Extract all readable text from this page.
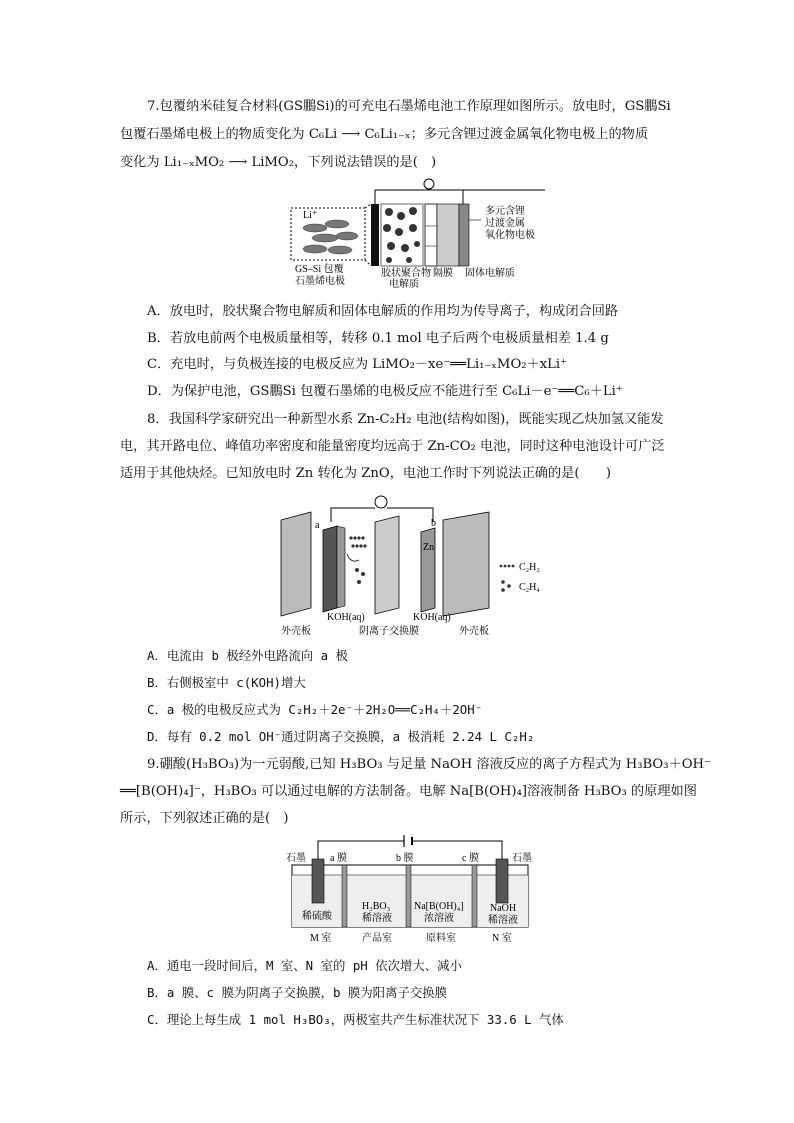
7.包覆纳米硅复合材料(GS鵬Si)的可充电石墨烯电池工作原理如图所示。放电时，GS鵬Si
包覆石墨烯电极上的物质变化为 C₆Li ⟶ C₆Li₁₋ₓ；多元含锂过渡金属氧化物电极上的物质
变化为 Li₁₋ₓMO₂ ⟶ LiMO₂，下列说法错误的是(　)
Li⁺
GS–Si 包覆
石墨烯电极
胶状聚合物
电解质
隔膜 固体电解质
多元含锂
过渡金属
氧化物电极
A．放电时，胶状聚合物电解质和固体电解质的作用均为传导离子，构成闭合回路
B．若放电前两个电极质量相等，转移 0.1 mol 电子后两个电极质量相差 1.4 g
C．充电时，与负极连接的电极反应为 LiMO₂－xe⁻══Li₁₋ₓMO₂＋xLi⁺
D．为保护电池，GS鵬Si 包覆石墨烯的电极反应不能进行至 C₆Li－e⁻══C₆＋Li⁺
8．我国科学家研究出一种新型水系 Zn-C₂H₂ 电池(结构如图)，既能实现乙炔加氢又能发
电，其开路电位、峰值功率密度和能量密度均远高于 Zn-CO₂ 电池，同时这种电池设计可广泛
适用于其他炔烃。已知放电时 Zn 转化为 ZnO，电池工作时下列说法正确的是(　　)
a	b
Zn
KOH(aq)	KOH(aq)
外壳板	阴离子交换膜	外壳板
C₂H₂
C₂H₄
A．电流由 b 极经外电路流向 a 极
B．右侧极室中 c(KOH)增大
C．a 极的电极反应式为 C₂H₂＋2e⁻＋2H₂O══C₂H₄＋2OH⁻
D．每有 0.2 mol OH⁻通过阴离子交换膜，a 极消耗 2.24 L C₂H₂
9.硼酸(H₃BO₃)为一元弱酸,已知 H₃BO₃ 与足量 NaOH 溶液反应的离子方程式为 H₃BO₃＋OH⁻
══[B(OH)₄]⁻，H₃BO₃ 可以通过电解的方法制备。电解 Na[B(OH)₄]溶液制备 H₃BO₃ 的原理如图
所示，下列叙述正确的是(　)
石墨 a 膜	b 膜	c 膜	石墨
稀硫酸
H₃BO₃
稀溶液
Na[B(OH)₄]
浓溶液
NaOH
稀溶液
M 室	产品室	原料室	N 室
A．通电一段时间后，M 室、N 室的 pH 依次增大、减小
B．a 膜、c 膜为阴离子交换膜，b 膜为阳离子交换膜
C．理论上每生成 1 mol H₃BO₃，两极室共产生标准状况下 33.6 L 气体
